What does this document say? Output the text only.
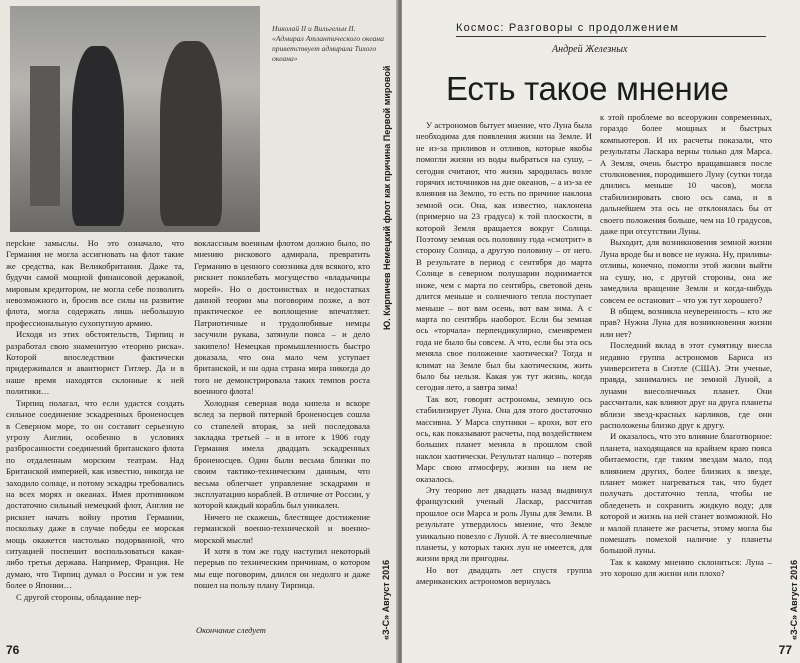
Николай II и Вильгельм II. «Адмирал Атлантического океана приветствует адмирала Тихого океана»

персkие замыслы. Но это означало, что Германия не могла ассигновать на флот такие же средства, как Великобритания. Даже та, будучи самой мощной финансовой державой, мировым кредитором, не могла себе позволить невозможного и, бросив все силы на развитие флота, могла содержать лишь небольшую профессиональную сухопутную армию.

Исходя из этих обстоятельств, Тирпиц и разработал свою знаменитую «теорию риска». Которой впоследствии фактически придерживался и авантюрист Гитлер. Да и в наше время находятся склонные к ней политики…

Тирпиц полагал, что если удастся создать сильное соединение эскадренных броненосцев в Северном море, то он составит серьезную угрозу Англии, особенно в условиях разбросанности соединений британского флота по отдаленным морским театрам. Над Британской империей, как известно, никогда не заходило солнце, и потому эскадры требовались на всех морях и океанах. Имея противником достаточно сильный немецкий флот, Англия не рискнет начать войну против Германии, поскольку даже в случае победы ее морская мощь окажется настолько подорванной, что ситуацией поспешит воспользоваться какая-либо третья держава. Например, Франция. Не думаю, что Тирпиц думал о России и уж тем более о Японии…

С другой стороны, обладание пер-

воклассным военным флотом должно было, по мнению рискового адмирала, превратить Германию в ценного союзника для всякого, кто рискнет поколебать могущество «владычицы морей». Но о достоинствах и недостатках данной теории мы поговорим позже, а вот практическое ее воплощение впечатляет. Патриотичные и трудолюбивые немцы засучили рукава, затянули пояса – и дело закипело! Немецкая промышленность быстро доказала, что она мало чем уступает британской, и ни одна страна мира никогда до того не демонстрировала таких темпов роста военного флота!

Холодная северная вода кипела и вскоре вслед за первой пятеркой броненосцев сошла со стапелей вторая, за ней последовала закладка третьей – и в итоге к 1906 году Германия имела двадцать эскадренных броненосцев. Один были весьма близки по своим тактико-техническим данным, что весьма облегчает управление эскадрами и эксплуатацию кораблей. В отличие от России, у которой каждый корабль был уникален.

Ничего не скажешь, блестящее достижение германской военно-технической и военно-морской мысли!

И хотя в том же году наступил некоторый перерыв по техническим причинам, о котором мы еще поговорим, длился он недолго и даже пошел на пользу плану Тирпица.

Окончание следует
Ю. Кирпичев Немецкий флот как причина Первой мировой
«З-С» Август 2016
76
Космос: Разговоры с продолжением
Андрей Железных
Есть такое мнение

У астрономов бытует мнение, что Луна была необходима для появления жизни на Земле. И не из-за приливов и отливов, которые якобы помогли жизни из воды выбраться на сушу, – сегодня считают, что жизнь зародилась возле горячих источников на дне океанов, – а из-за ее влияния на Землю, то есть по причине наклона земной оси. Она, как известно, наклонена (примерно на 23 градуса) к той плоскости, в которой Земля вращается вокруг Солнца. Поэтому земная ось половину года «смотрит» в сторону Солнца, а другую половину – от него. В результате в период с сентября до марта Солнце в северном полушарии поднимается ниже, чем с марта по сентябрь, световой день длится меньше и солнечного тепла поступает меньше – вот вам осень, вот вам зима. А с марта по сентябрь наоборот. Если бы земная ось «торчала» перпендикулярно, сменвремен года не было бы совсем. А что, если бы эта ось меняла свое положение хаотически? Тогда и климат на Земле был бы хаотическим, жить было бы нельзя. Какая уж тут жизнь, когда сегодня лето, а завтра зима!

Так вот, говорят астрономы, земную ось стабилизирует Луна. Она для этого достаточно массивна. У Марса спутники – крохи, вот его ось, как показывают расчеты, под воздействием больших планет меняла в прошлом свой наклон хаотически. Результат налицо – потеряв Марс свою атмосферу, жизни на нем не оказалось.

Эту теорию лет двадцать назад выдвинул французский ученый Ласкар, рассчитав прошлое оси Марса и роль Луны для Земли. В результате утвердилось мнение, что Земле уникально повезло с Луной. А те внесолнечные планеты, у которых таких лун не имеется, для жизни вряд ли пригодны.

Но вот двадцать лет спустя группа американских астрономов вернулась

к этой проблеме во всеоружии современных, гораздо более мощных и быстрых компьютеров. И их расчеты показали, что результаты Ласкара верны только для Марса. А Земля, очень быстро вращавшаяся после столкновения, породившего Луну (сутки тогда длились меньше 10 часов), могла стабилизировать свою ось сама, и в дальнейшем эта ось не отклонялась бы от своего положения больше, чем на 10 градусов, даже при отсутствии Луны.

Выходит, для возникновения земной жизни Луна вроде бы и вовсе не нужна. Ну, приливы-отливы, конечно, помогли этой жизни выйти на сушу, но, с другой стороны, она же замедлила вращение Земли и когда-нибудь совсем ее остановит – что уж тут хорошего?

В общем, возникла неуверенность – кто же прав? Нужна Луна для возникновения жизни или нет?

Последний вклад в этот сумятицу внесла недавно группа астрономов Барнса из университета в Сиэтле (США). Эти ученые, правда, занимались не земной Луной, а лунами внесолнечных планет. Они рассчитали, как влияют друг на друга планеты вблизи звезд-красных карликов, где они расположены близко друг к другу.

И оказалось, что это влияние благотворное: планета, находящаяся на крайнем краю пояса обитаемости, где таким звездам мало, под влиянием других, более близких к звезде, планет может нагреваться так, что будет получать достаточно тепла, чтобы не обледенеть и сохранить жидкую воду; для которой и жизнь на ней станет возможной. Но и малой планете же расчеты, этому могла бы помешать помехой наличие у планеты большой луны.

Так к какому мнению склониться: Луна – это хорошо для жизни или плохо?	«З-С» Август 2016
77
